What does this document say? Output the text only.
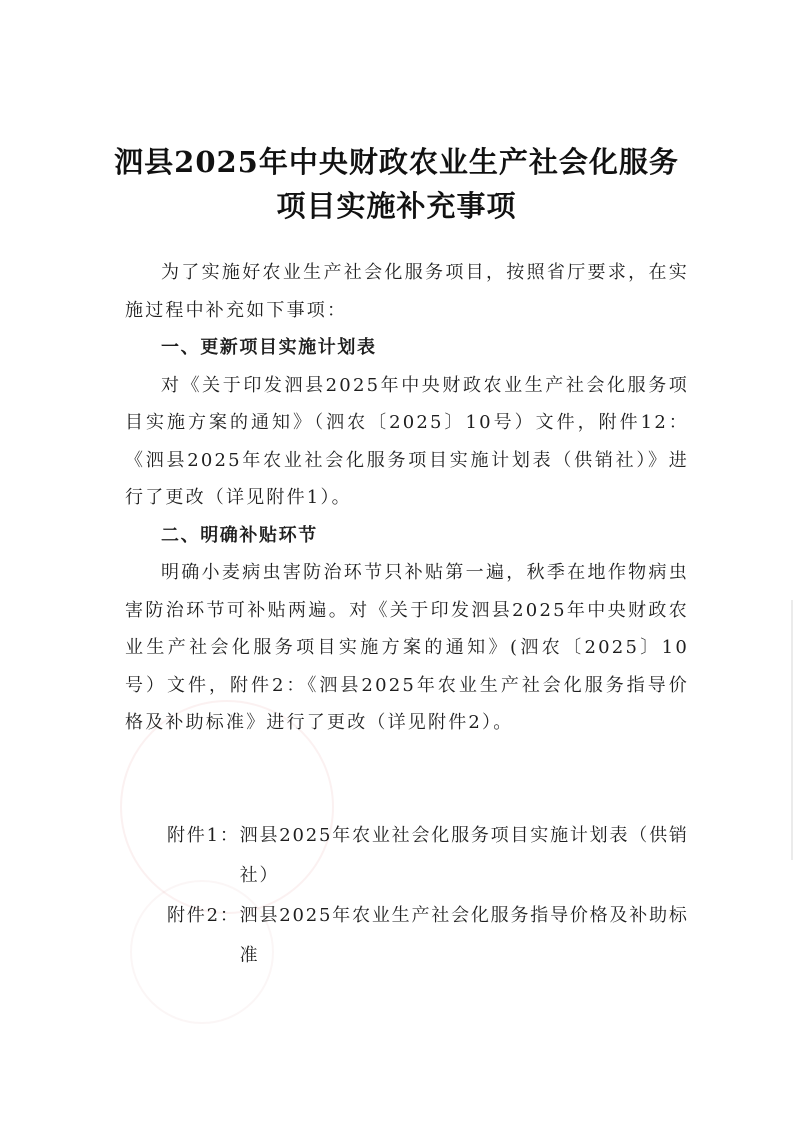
泗县2025年中央财政农业生产社会化服务
项目实施补充事项

为了实施好农业生产社会化服务项目，按照省厅要求，在实施过程中补充如下事项：

一、更新项目实施计划表

对《关于印发泗县2025年中央财政农业生产社会化服务项目实施方案的通知》（泗农〔2025〕10号）文件，附件12：《泗县2025年农业社会化服务项目实施计划表（供销社）》进行了更改（详见附件1）。

二、明确补贴环节

明确小麦病虫害防治环节只补贴第一遍，秋季在地作物病虫害防治环节可补贴两遍。对《关于印发泗县2025年中央财政农业生产社会化服务项目实施方案的通知》(泗农〔2025〕10号）文件，附件2：《泗县2025年农业生产社会化服务指导价格及补助标准》进行了更改（详见附件2）。

附件1： 泗县2025年农业社会化服务项目实施计划表（供销社）
附件2： 泗县2025年农业生产社会化服务指导价格及补助标准
